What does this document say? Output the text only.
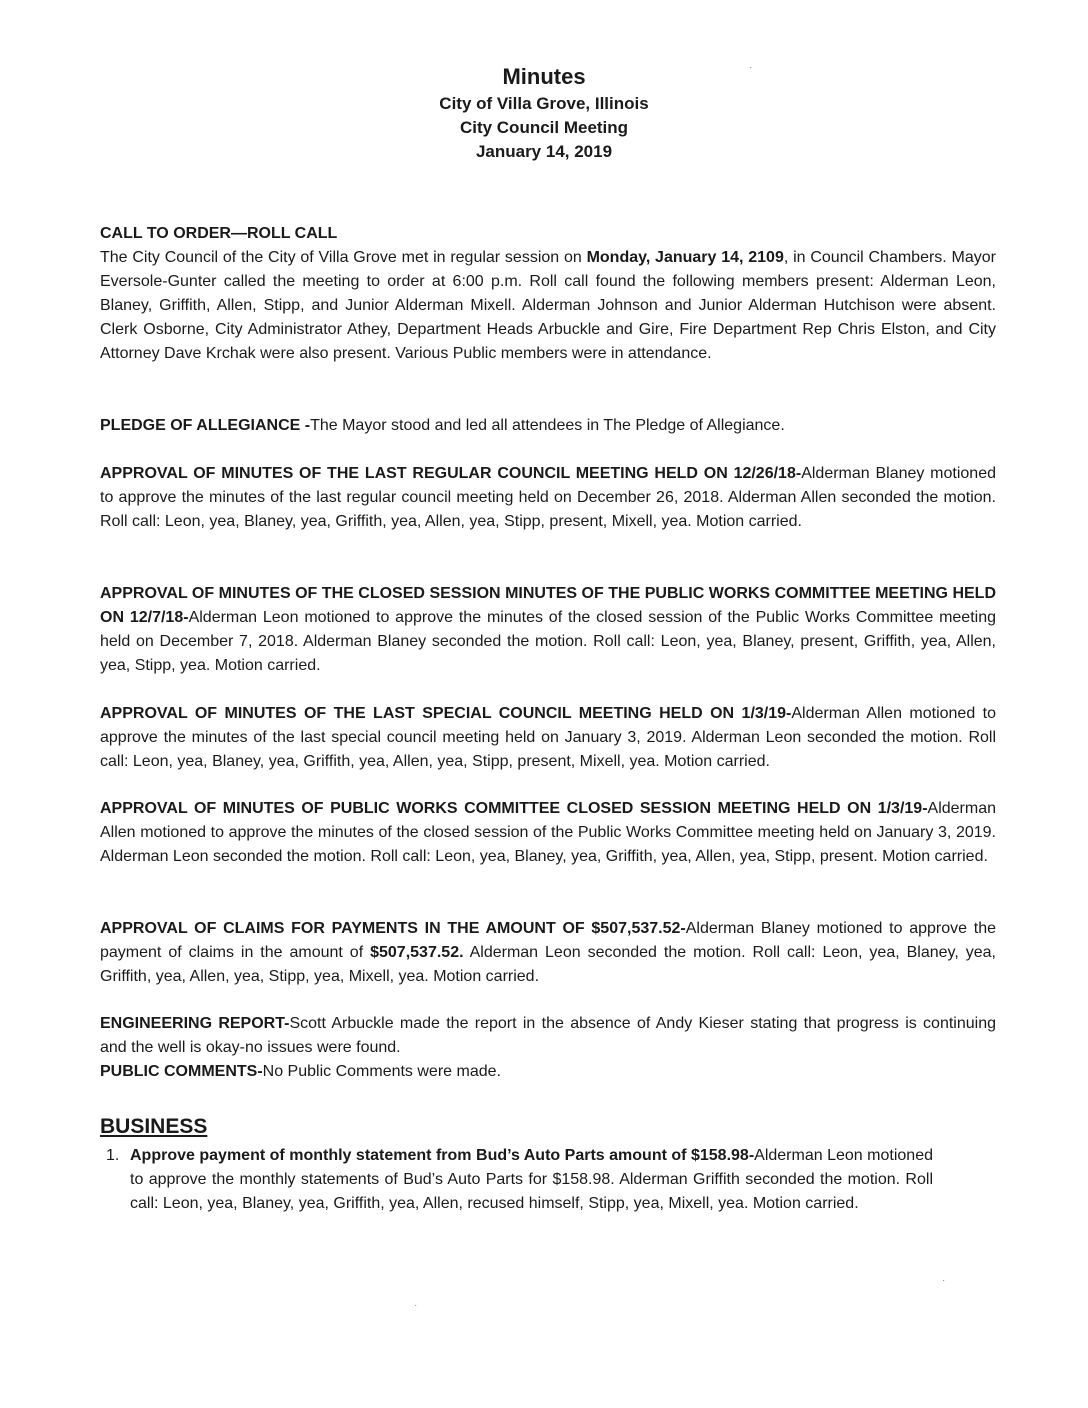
Minutes
City of Villa Grove, Illinois
City Council Meeting
January 14, 2019
CALL TO ORDER—ROLL CALL
The City Council of the City of Villa Grove met in regular session on Monday, January 14, 2109, in Council Chambers. Mayor Eversole-Gunter called the meeting to order at 6:00 p.m. Roll call found the following members present: Alderman Leon, Blaney, Griffith, Allen, Stipp, and Junior Alderman Mixell. Alderman Johnson and Junior Alderman Hutchison were absent. Clerk Osborne, City Administrator Athey, Department Heads Arbuckle and Gire, Fire Department Rep Chris Elston, and City Attorney Dave Krchak were also present. Various Public members were in attendance.
PLEDGE OF ALLEGIANCE -The Mayor stood and led all attendees in The Pledge of Allegiance.
APPROVAL OF MINUTES OF THE LAST REGULAR COUNCIL MEETING HELD ON 12/26/18-Alderman Blaney motioned to approve the minutes of the last regular council meeting held on December 26, 2018. Alderman Allen seconded the motion. Roll call: Leon, yea, Blaney, yea, Griffith, yea, Allen, yea, Stipp, present, Mixell, yea. Motion carried.
APPROVAL OF MINUTES OF THE CLOSED SESSION MINUTES OF THE PUBLIC WORKS COMMITTEE MEETING HELD ON 12/7/18-Alderman Leon motioned to approve the minutes of the closed session of the Public Works Committee meeting held on December 7, 2018. Alderman Blaney seconded the motion. Roll call: Leon, yea, Blaney, present, Griffith, yea, Allen, yea, Stipp, yea. Motion carried.
APPROVAL OF MINUTES OF THE LAST SPECIAL COUNCIL MEETING HELD ON 1/3/19-Alderman Allen motioned to approve the minutes of the last special council meeting held on January 3, 2019. Alderman Leon seconded the motion. Roll call: Leon, yea, Blaney, yea, Griffith, yea, Allen, yea, Stipp, present, Mixell, yea. Motion carried.
APPROVAL OF MINUTES OF PUBLIC WORKS COMMITTEE CLOSED SESSION MEETING HELD ON 1/3/19-Alderman Allen motioned to approve the minutes of the closed session of the Public Works Committee meeting held on January 3, 2019. Alderman Leon seconded the motion. Roll call: Leon, yea, Blaney, yea, Griffith, yea, Allen, yea, Stipp, present. Motion carried.
APPROVAL OF CLAIMS FOR PAYMENTS IN THE AMOUNT OF $507,537.52-Alderman Blaney motioned to approve the payment of claims in the amount of $507,537.52. Alderman Leon seconded the motion. Roll call: Leon, yea, Blaney, yea, Griffith, yea, Allen, yea, Stipp, yea, Mixell, yea. Motion carried.
ENGINEERING REPORT-Scott Arbuckle made the report in the absence of Andy Kieser stating that progress is continuing and the well is okay-no issues were found.
PUBLIC COMMENTS-No Public Comments were made.
BUSINESS
1. Approve payment of monthly statement from Bud’s Auto Parts amount of $158.98-Alderman Leon motioned to approve the monthly statements of Bud’s Auto Parts for $158.98. Alderman Griffith seconded the motion. Roll call: Leon, yea, Blaney, yea, Griffith, yea, Allen, recused himself, Stipp, yea, Mixell, yea. Motion carried.
·
·
·
